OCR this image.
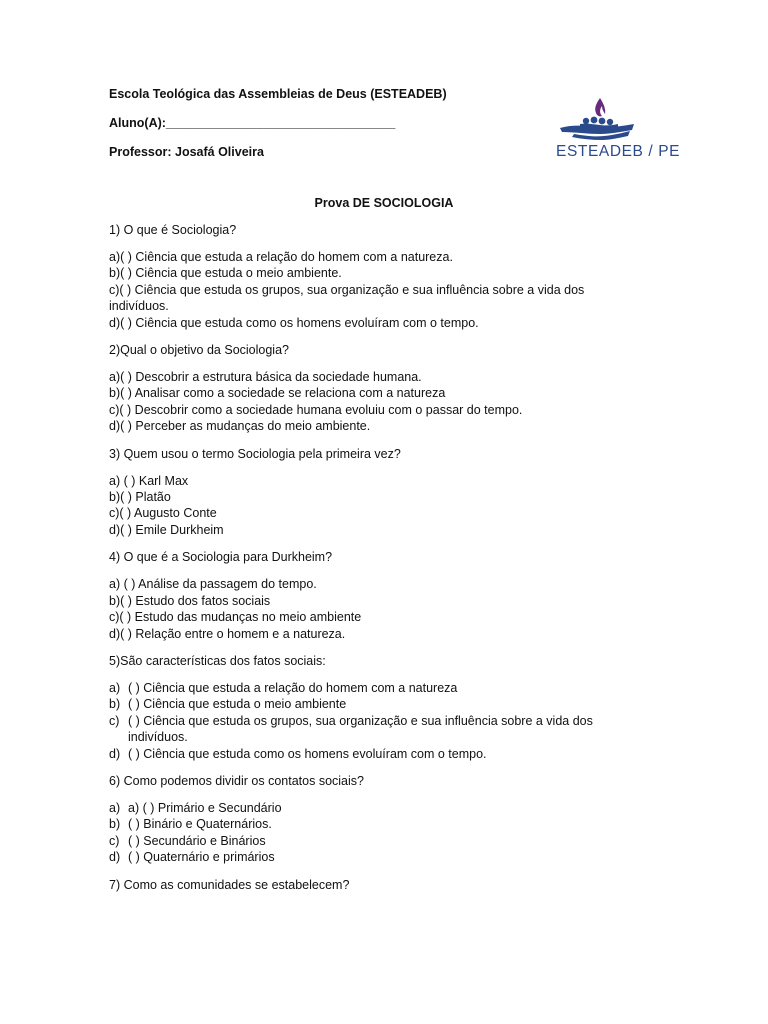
Escola Teológica das Assembleias de Deus (ESTEADEB)
Aluno(A):_________________________________
Professor: Josafá Oliveira	ESTEADEB / PE
Prova DE SOCIOLOGIA
1) O que é Sociologia?
a)( ) Ciência que estuda a relação do homem com a natureza.
b)( ) Ciência que estuda o meio ambiente.
c)( ) Ciência que estuda os grupos, sua organização e sua influência sobre a vida dos indivíduos.
d)( ) Ciência que estuda como os homens evoluíram com o tempo.
2)Qual o objetivo da Sociologia?
a)( ) Descobrir a estrutura básica da sociedade humana.
b)( ) Analisar como a sociedade se relaciona com a natureza
c)( ) Descobrir como a sociedade humana evoluiu com o passar do tempo.
d)( ) Perceber as mudanças do meio ambiente.
3) Quem usou o termo Sociologia pela primeira vez?
a) ( ) Karl Max
b)( ) Platão
c)( ) Augusto Conte
d)( ) Emile Durkheim
4) O que é a Sociologia para Durkheim?
a) ( ) Análise da passagem do tempo.
b)( ) Estudo dos fatos sociais
c)( ) Estudo das mudanças no meio ambiente
d)( ) Relação entre o homem e a natureza.
5)São características dos fatos sociais:
a) ( ) Ciência que estuda a relação do homem com a natureza
b) ( ) Ciência que estuda o meio ambiente
c) ( ) Ciência que estuda os grupos, sua organização e sua influência sobre a vida dos indivíduos.
d) ( ) Ciência que estuda como os homens evoluíram com o tempo.
6) Como podemos dividir os contatos sociais?
a) a) ( ) Primário e Secundário
b) ( ) Binário e Quaternários.
c) ( ) Secundário e Binários
d) ( ) Quaternário e primários
7) Como as comunidades se estabelecem?
